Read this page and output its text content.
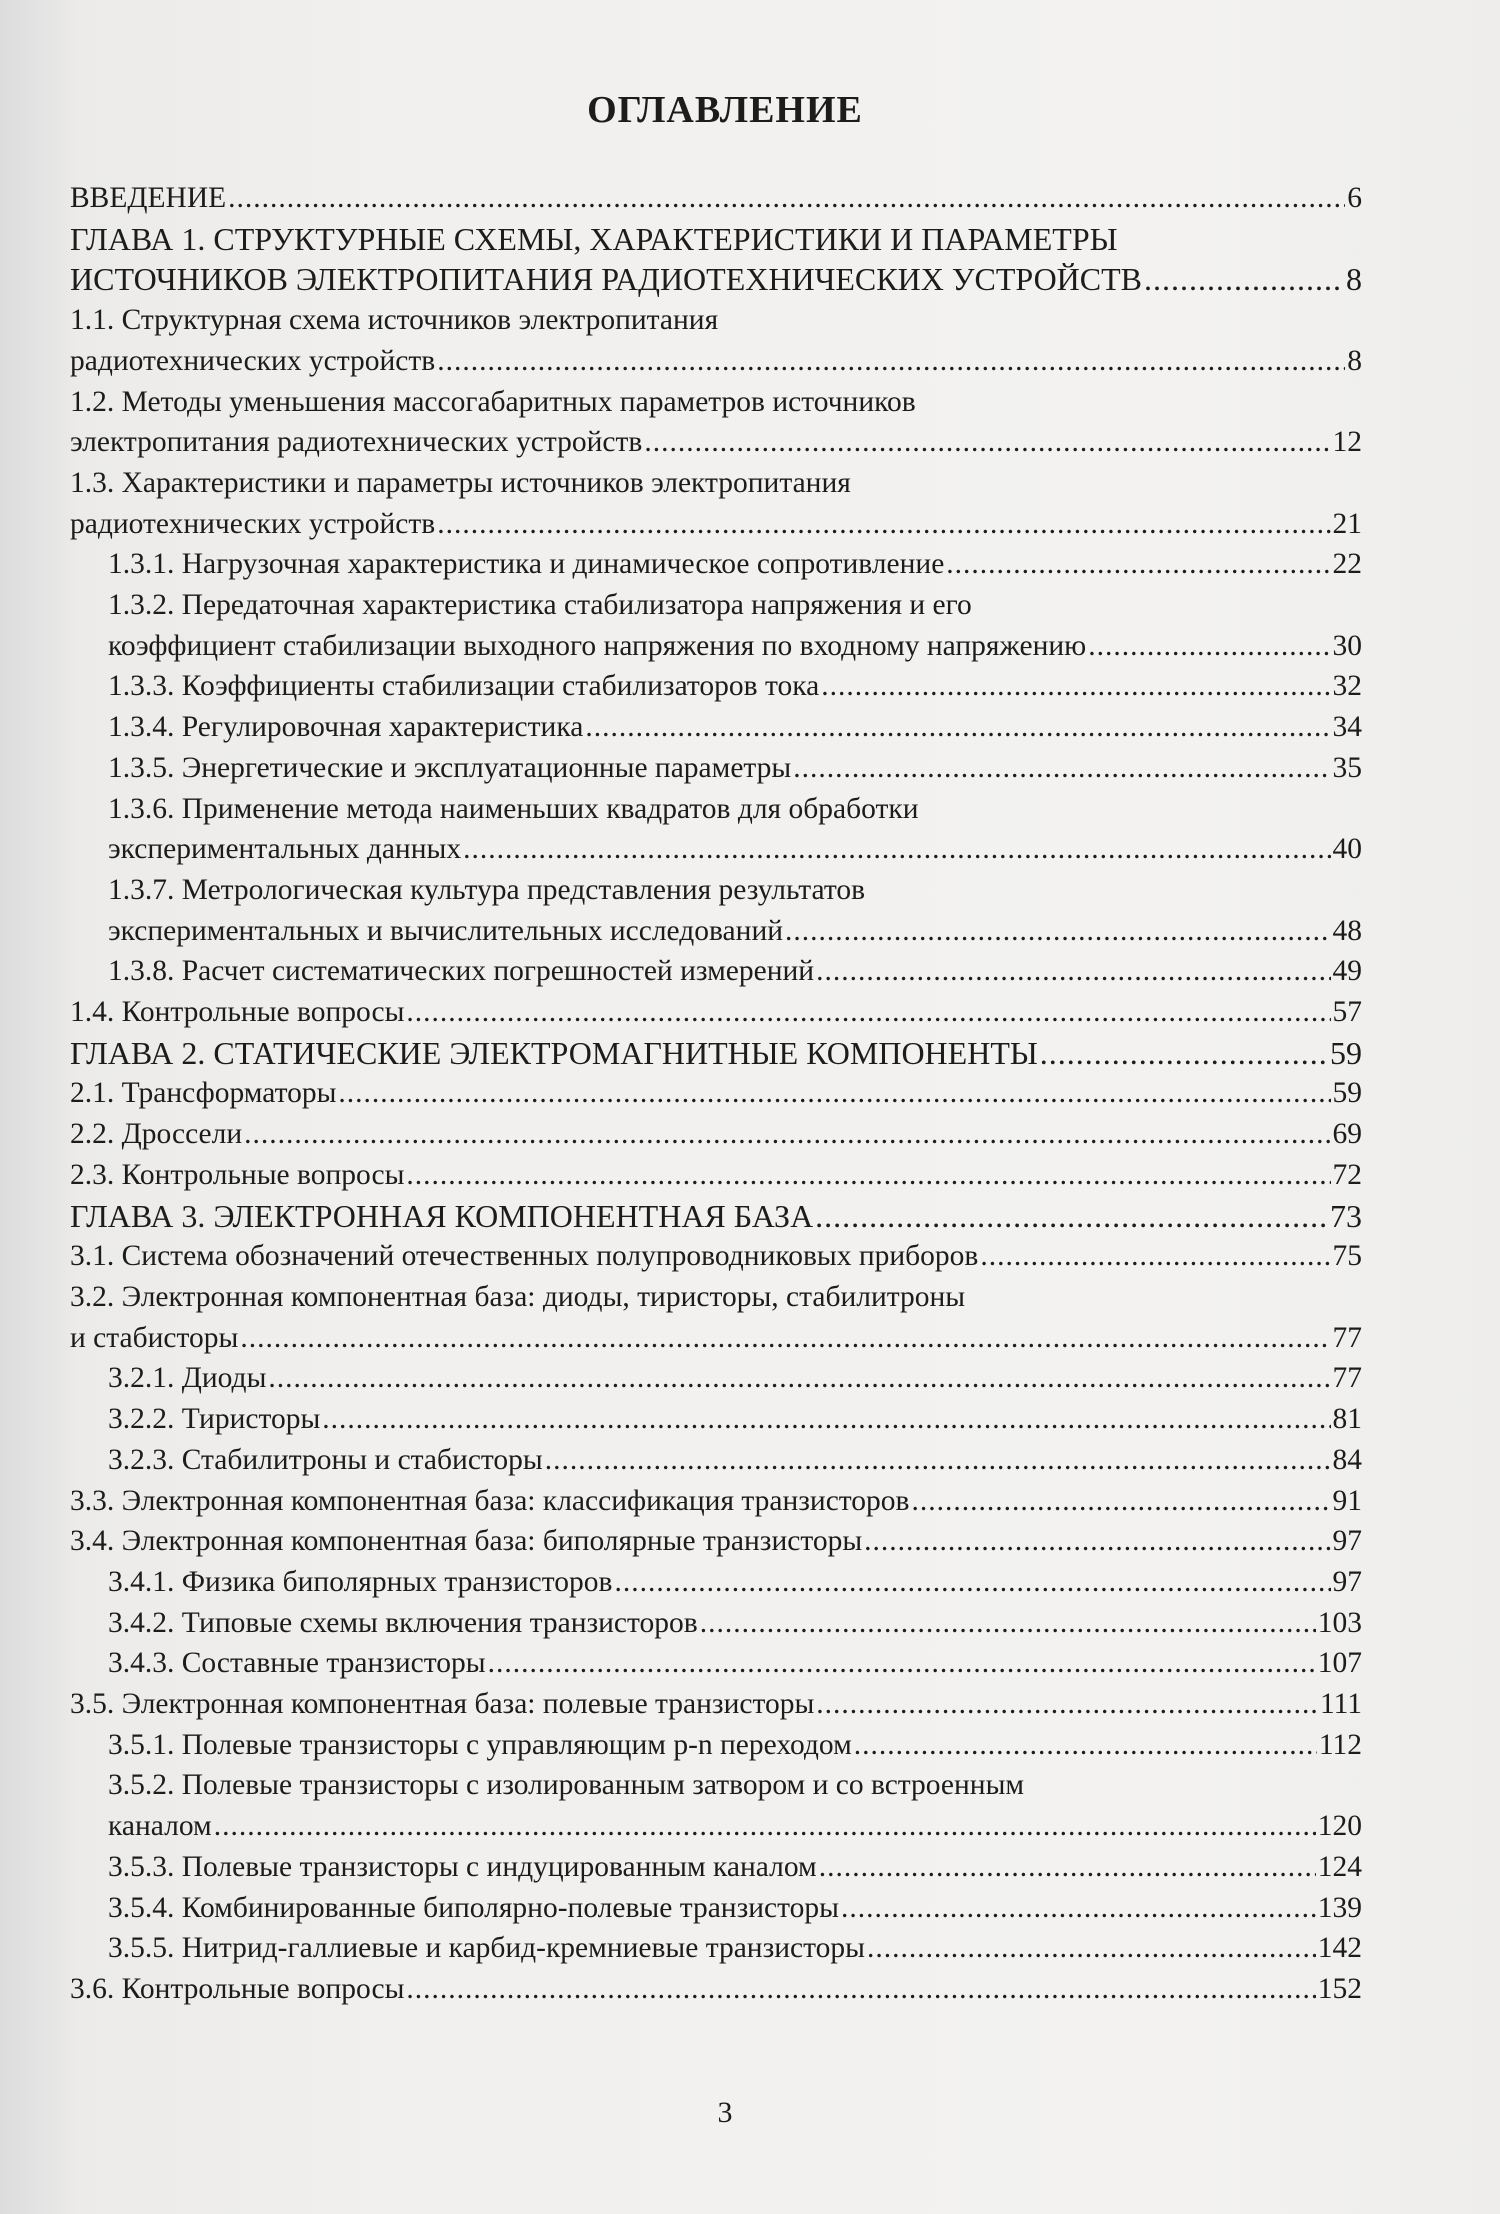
ОГЛАВЛЕНИЕ
ВВЕДЕНИЕ .....	6
ГЛАВА 1. СТРУКТУРНЫЕ СХЕМЫ, ХАРАКТЕРИСТИКИ И ПАРАМЕТРЫ
ИСТОЧНИКОВ ЭЛЕКТРОПИТАНИЯ РАДИОТЕХНИЧЕСКИХ УСТРОЙСТВ .....	8
1.1. Структурная схема источников электропитания
радиотехнических устройств .....	8
1.2. Методы уменьшения массогабаритных параметров источников
электропитания радиотехнических устройств .....	12
1.3. Характеристики и параметры источников электропитания
радиотехнических устройств .....	21
1.3.1. Нагрузочная характеристика и динамическое сопротивление .....	22
1.3.2. Передаточная характеристика стабилизатора напряжения и его
коэффициент стабилизации выходного напряжения по входному напряжению .....	30
1.3.3. Коэффициенты стабилизации стабилизаторов тока .....	32
1.3.4. Регулировочная характеристика .....	34
1.3.5. Энергетические и эксплуатационные параметры .....	35
1.3.6. Применение метода наименьших квадратов для обработки
экспериментальных данных .....	40
1.3.7. Метрологическая культура представления результатов
экспериментальных и вычислительных исследований .....	48
1.3.8. Расчет систематических погрешностей измерений .....	49
1.4. Контрольные вопросы .....	57
ГЛАВА 2. СТАТИЧЕСКИЕ ЭЛЕКТРОМАГНИТНЫЕ КОМПОНЕНТЫ .....	59
2.1. Трансформаторы .....	59
2.2. Дроссели .....	69
2.3. Контрольные вопросы .....	72
ГЛАВА 3. ЭЛЕКТРОННАЯ КОМПОНЕНТНАЯ БАЗА .....	73
3.1. Система обозначений отечественных полупроводниковых приборов .....	75
3.2. Электронная компонентная база: диоды, тиристоры, стабилитроны
и стабисторы .....	77
3.2.1. Диоды .....	77
3.2.2. Тиристоры .....	81
3.2.3. Стабилитроны и стабисторы .....	84
3.3. Электронная компонентная база: классификация транзисторов .....	91
3.4. Электронная компонентная база: биполярные транзисторы .....	97
3.4.1. Физика биполярных транзисторов .....	97
3.4.2. Типовые схемы включения транзисторов .....	103
3.4.3. Составные транзисторы .....	107
3.5. Электронная компонентная база: полевые транзисторы .....	111
3.5.1. Полевые транзисторы с управляющим p-n переходом .....	112
3.5.2. Полевые транзисторы с изолированным затвором и со встроенным
каналом .....	120
3.5.3. Полевые транзисторы с индуцированным каналом .....	124
3.5.4. Комбинированные биполярно-полевые транзисторы .....	139
3.5.5. Нитрид-галлиевые и карбид-кремниевые транзисторы .....	142
3.6. Контрольные вопросы .....	152
3
